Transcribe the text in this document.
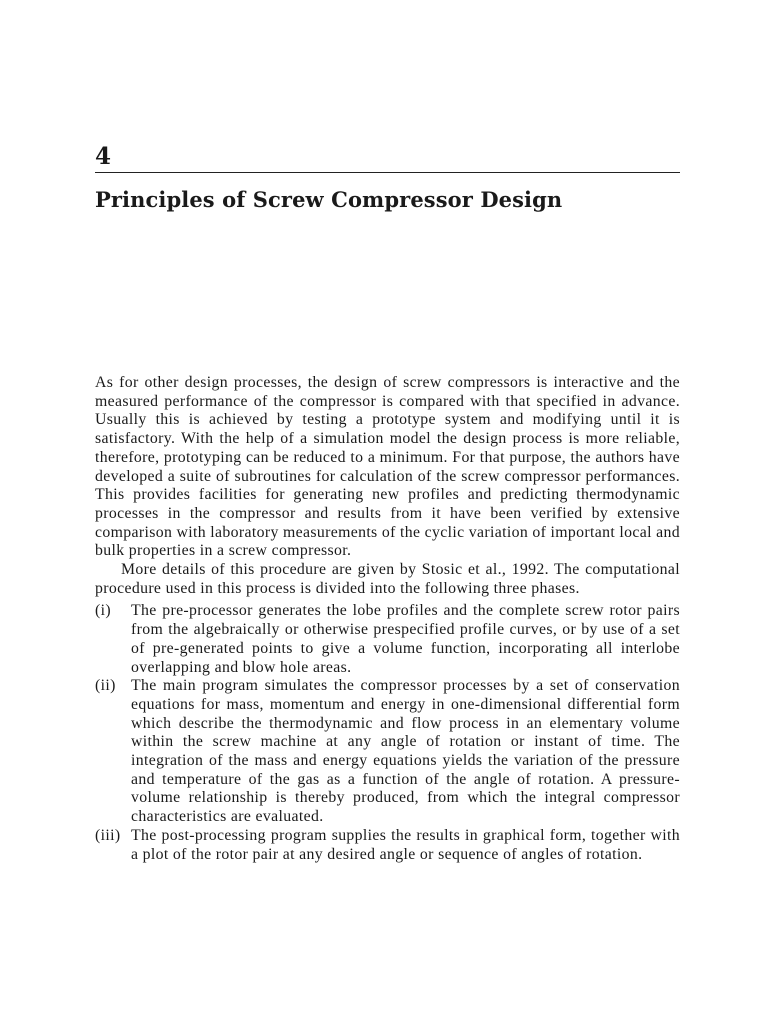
4
Principles of Screw Compressor Design

As for other design processes, the design of screw compressors is interactive and the measured performance of the compressor is compared with that specified in advance. Usually this is achieved by testing a prototype system and modifying until it is satisfactory. With the help of a simulation model the design process is more reliable, therefore, prototyping can be reduced to a minimum. For that purpose, the authors have developed a suite of subroutines for calculation of the screw compressor performances. This provides facilities for generating new profiles and predicting thermodynamic processes in the compressor and results from it have been verified by extensive comparison with laboratory measurements of the cyclic variation of important local and bulk properties in a screw compressor.

More details of this procedure are given by Stosic et al., 1992. The computational procedure used in this process is divided into the following three phases.

(i)	The pre-processor generates the lobe profiles and the complete screw rotor pairs from the algebraically or otherwise prespecified profile curves, or by use of a set of pre-generated points to give a volume function, incorporating all interlobe overlapping and blow hole areas.
(ii) The main program simulates the compressor processes by a set of conservation equations for mass, momentum and energy in one-dimensional differential form which describe the thermodynamic and flow process in an elementary volume within the screw machine at any angle of rotation or instant of time. The integration of the mass and energy equations yields the variation of the pressure and temperature of the gas as a function of the angle of rotation. A pressure-volume relationship is thereby produced, from which the integral compressor characteristics are evaluated.
(iii) The post-processing program supplies the results in graphical form, together with a plot of the rotor pair at any desired angle or sequence of angles of rotation.
